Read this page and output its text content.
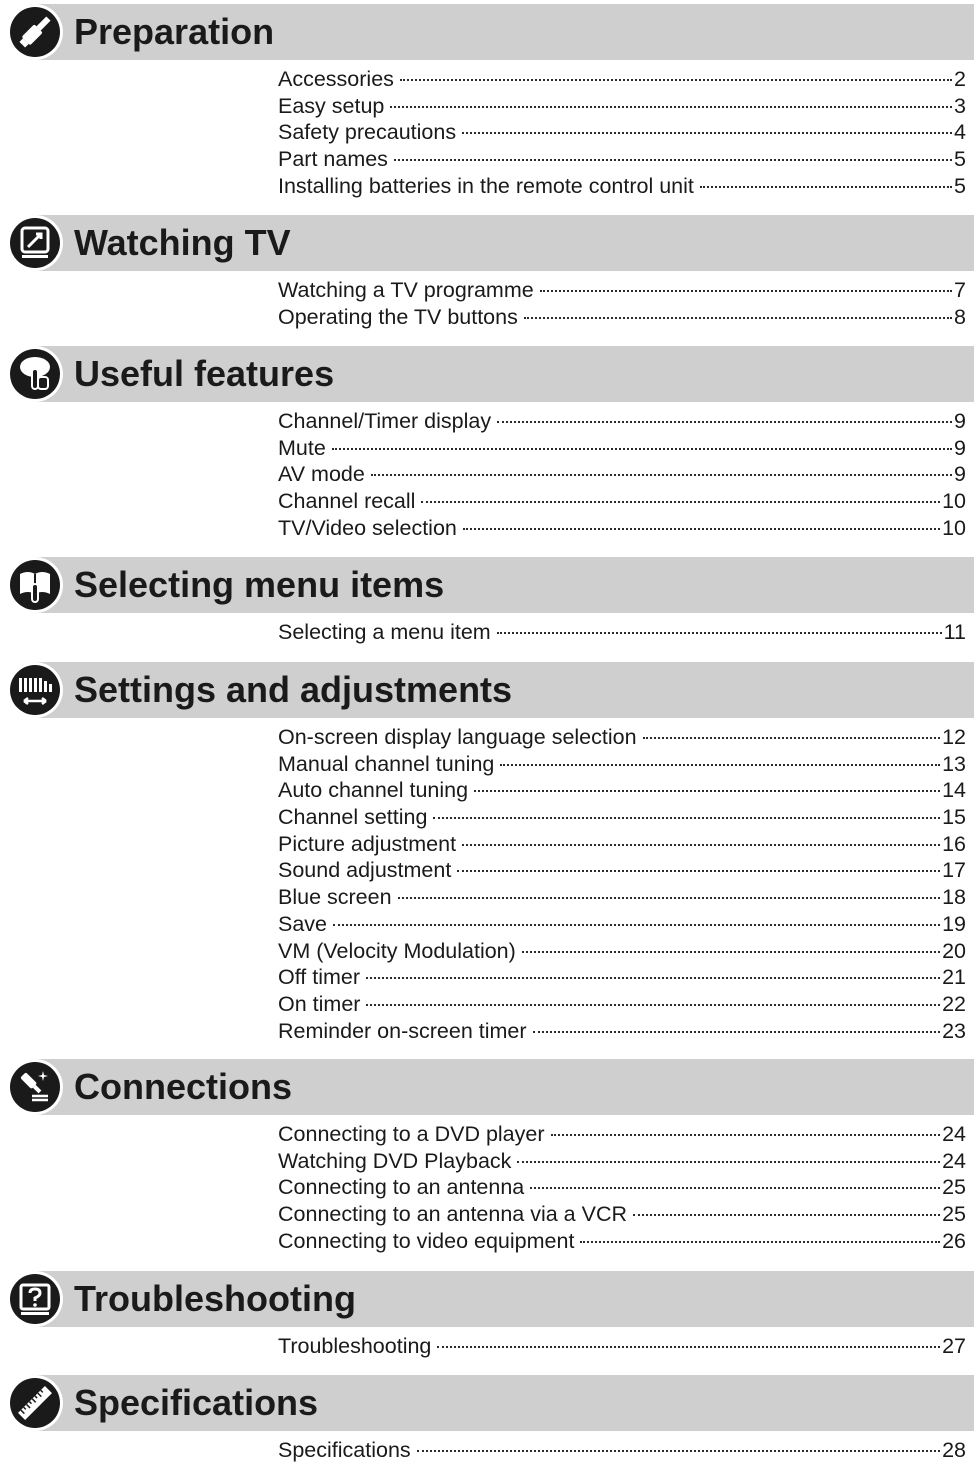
Preparation
Accessories	2
Easy setup	3
Safety precautions	4
Part names	5
Installing batteries in the remote control unit	5
Watching TV
Watching a TV programme	7
Operating the TV buttons	8
Useful features
Channel/Timer display	9
Mute	9
AV mode	9
Channel recall	10
TV/Video selection	10
Selecting menu items
Selecting a menu item	11
Settings and adjustments
On-screen display language selection	12
Manual channel tuning	13
Auto channel tuning	14
Channel setting	15
Picture adjustment	16
Sound adjustment	17
Blue screen	18
Save	19
VM (Velocity Modulation)	20
Off timer	21
On timer	22
Reminder on-screen timer	23
Connections
Connecting to a DVD player	24
Watching DVD Playback	24
Connecting to an antenna	25
Connecting to an antenna via a VCR	25
Connecting to video equipment	26
Troubleshooting
Troubleshooting	27
Specifications
Specifications	28
